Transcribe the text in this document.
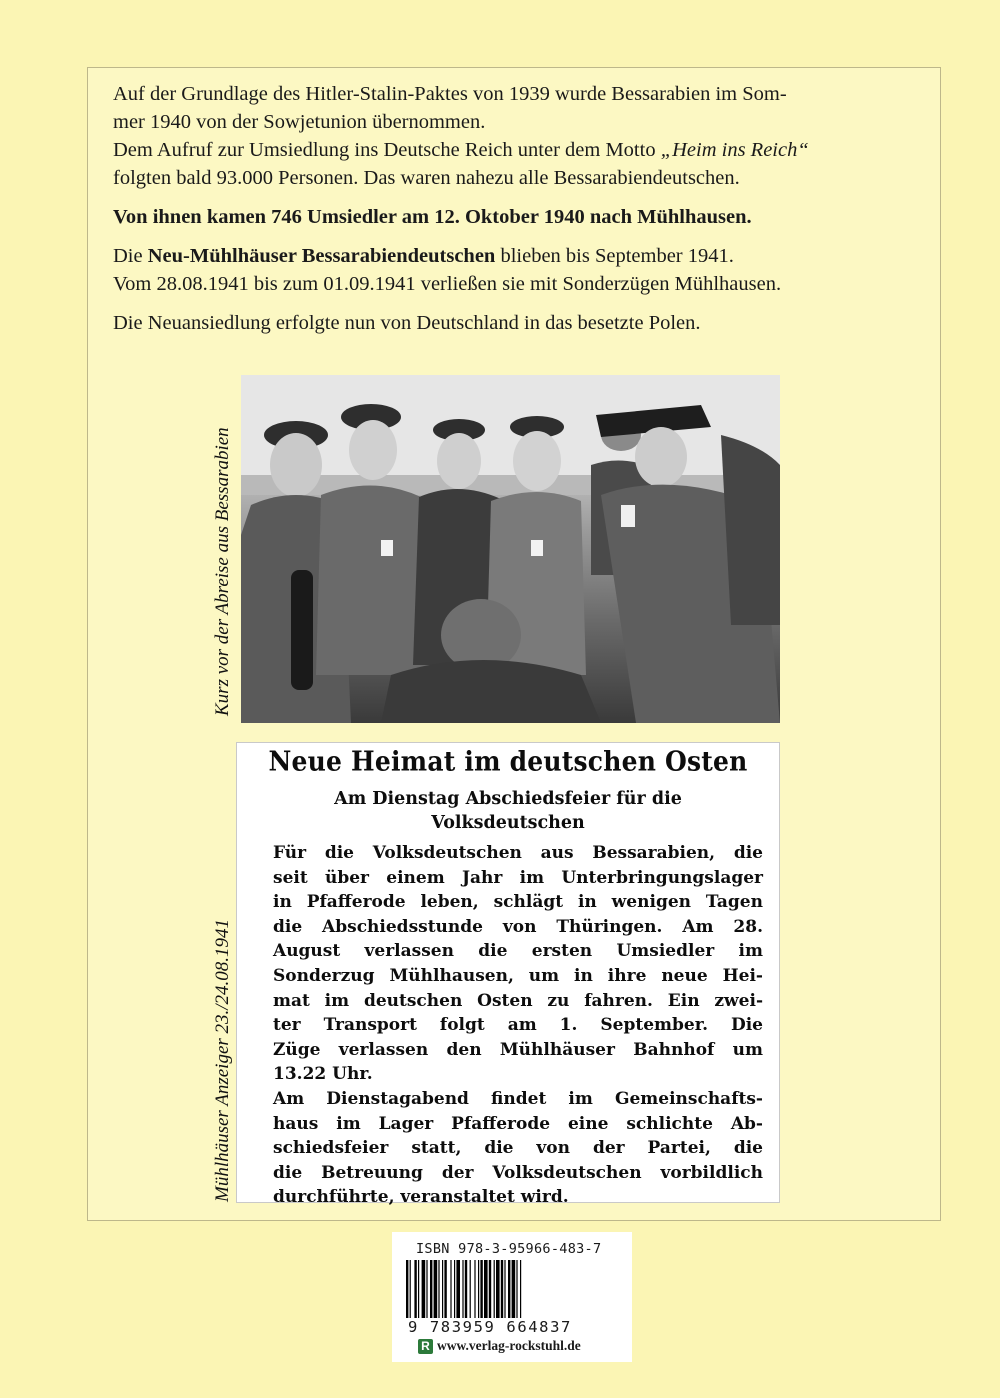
Auf der Grundlage des Hitler-Stalin-Paktes von 1939 wurde Bessarabien im Som-
mer 1940 von der Sowjetunion übernommen.

Dem Aufruf zur Umsiedlung ins Deutsche Reich unter dem Motto „Heim ins Reich“
folgten bald 93.000 Personen. Das waren nahezu alle Bessarabiendeutschen.

Von ihnen kamen 746 Umsiedler am 12. Oktober 1940 nach Mühlhausen.

Die Neu-Mühlhäuser Bessarabiendeutschen blieben bis September 1941.

Vom 28.08.1941 bis zum 01.09.1941 verließen sie mit Sonderzügen Mühlhausen.

Die Neuansiedlung erfolgte nun von Deutschland in das besetzte Polen.

Kurz vor der Abreise aus Bessarabien
Mühlhäuser Anzeiger 23./24.08.1941
Neue Heimat im deutschen Osten
Am Dienstag Abschiedsfeier für die
Volksdeutschen
Für die Volksdeutschen aus Bessarabien, die
seit über einem Jahr im Unterbringungslager
in Pfafferode leben, schlägt in wenigen Tagen
die Abschiedsstunde von Thüringen. Am 28.
August verlassen die ersten Umsiedler im
Sonderzug Mühlhausen, um in ihre neue Hei-
mat im deutschen Osten zu fahren. Ein zwei-
ter Transport folgt am 1. September. Die
Züge verlassen den Mühlhäuser Bahnhof um
13.22 Uhr.
Am Dienstagabend findet im Gemeinschafts-
haus im Lager Pfafferode eine schlichte Ab-
schiedsfeier statt, die von der Partei, die
die Betreuung der Volksdeutschen vorbildlich
durchführte, veranstaltet wird.
ISBN 978-3-95966-483-7
9 783959 664837
R www.verlag-rockstuhl.de
